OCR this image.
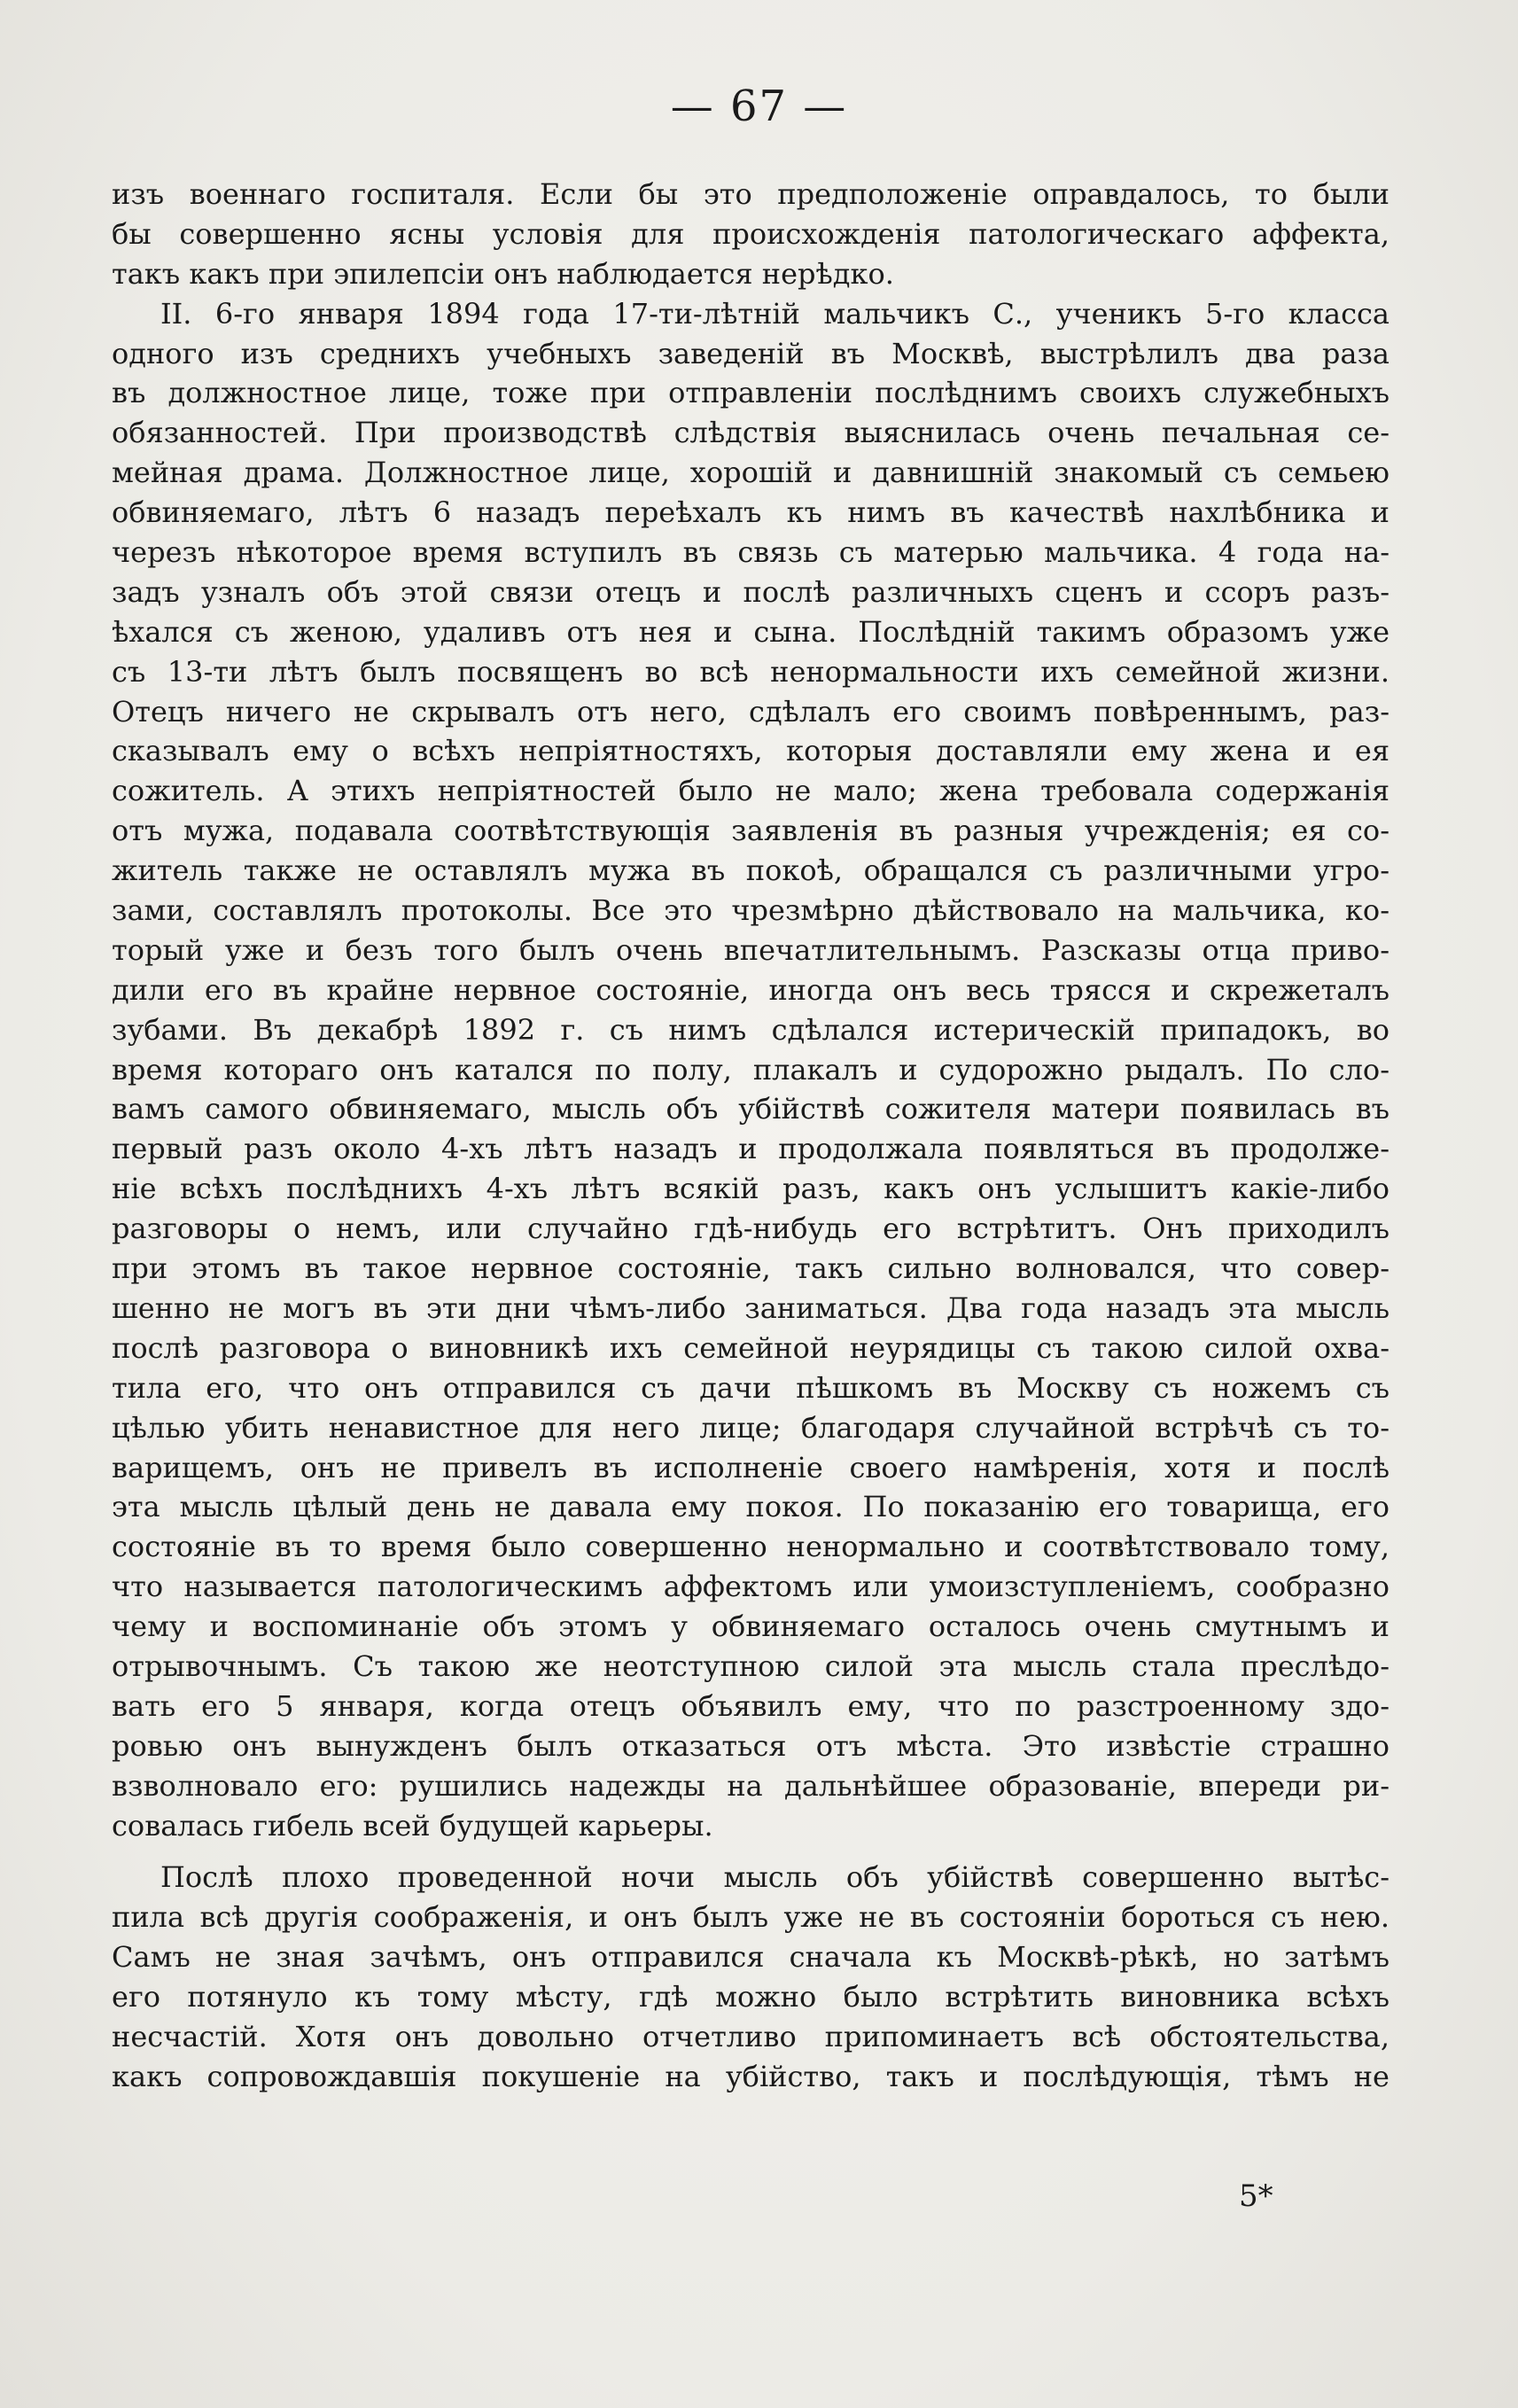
— 67 —
изъ военнаго госпиталя. Если бы это предположенiе оправдалось, то были
бы совершенно ясны условiя для происхожденiя патологическаго аффекта,
такъ какъ при эпилепсiи онъ наблюдается нерѣдко.
II. 6-го января 1894 года 17-ти-лѣтнiй мальчикъ С., ученикъ 5-го класса
одного изъ среднихъ учебныхъ заведенiй въ Москвѣ, выстрѣлилъ два раза
въ должностное лице, тоже при отправленiи послѣднимъ своихъ служебныхъ
обязанностей. При производствѣ слѣдствiя выяснилась очень печальная се-
мейная драма. Должностное лице, хорошiй и давнишнiй знакомый съ семьею
обвиняемаго, лѣтъ 6 назадъ переѣхалъ къ нимъ въ качествѣ нахлѣбника и
черезъ нѣкоторое время вступилъ въ связь съ матерью мальчика. 4 года на-
задъ узналъ объ этой связи отецъ и послѣ различныхъ сценъ и ссоръ разъ-
ѣхался съ женою, удаливъ отъ нея и сына. Послѣднiй такимъ образомъ уже
съ 13-ти лѣтъ былъ посвященъ во всѣ ненормальности ихъ семейной жизни.
Отецъ ничего не скрывалъ отъ него, сдѣлалъ его своимъ повѣреннымъ, раз-
сказывалъ ему о всѣхъ непрiятностяхъ, которыя доставляли ему жена и ея
сожитель. А этихъ непрiятностей было не мало; жена требовала содержанiя
отъ мужа, подавала соотвѣтствующiя заявленiя въ разныя учрежденiя; ея со-
житель также не оставлялъ мужа въ покоѣ, обращался съ различными угро-
зами, составлялъ протоколы. Все это чрезмѣрно дѣйствовало на мальчика, ко-
торый уже и безъ того былъ очень впечатлительнымъ. Разсказы отца приво-
дили его въ крайне нервное состоянiе, иногда онъ весь трясся и скрежеталъ
зубами. Въ декабрѣ 1892 г. съ нимъ сдѣлался истерическiй припадокъ, во
время котораго онъ катался по полу, плакалъ и судорожно рыдалъ. По сло-
вамъ самого обвиняемаго, мысль объ убiйствѣ сожителя матери появилась въ
первый разъ около 4-хъ лѣтъ назадъ и продолжала появляться въ продолже-
нiе всѣхъ послѣднихъ 4-хъ лѣтъ всякiй разъ, какъ онъ услышитъ какiе-либо
разговоры о немъ, или случайно гдѣ-нибудь его встрѣтитъ. Онъ приходилъ
при этомъ въ такое нервное состоянiе, такъ сильно волновался, что совер-
шенно не могъ въ эти дни чѣмъ-либо заниматься. Два года назадъ эта мысль
послѣ разговора о виновникѣ ихъ семейной неурядицы съ такою силой охва-
тила его, что онъ отправился съ дачи пѣшкомъ въ Москву съ ножемъ съ
цѣлью убить ненавистное для него лице; благодаря случайной встрѣчѣ съ то-
варищемъ, онъ не привелъ въ исполненiе своего намѣренiя, хотя и послѣ
эта мысль цѣлый день не давала ему покоя. По показанiю его товарища, его
состоянiе въ то время было совершенно ненормально и соотвѣтствовало тому,
что называется патологическимъ аффектомъ или умоизступленiемъ, сообразно
чему и воспоминанiе объ этомъ у обвиняемаго осталось очень смутнымъ и
отрывочнымъ. Съ такою же неотступною силой эта мысль стала преслѣдо-
вать его 5 января, когда отецъ объявилъ ему, что по разстроенному здо-
ровью онъ вынужденъ былъ отказаться отъ мѣста. Это извѣстiе страшно
взволновало его: рушились надежды на дальнѣйшее образованiе, впереди ри-
совалась гибель всей будущей карьеры.
Послѣ плохо проведенной ночи мысль объ убiйствѣ совершенно вытѣс-
пила всѣ другiя соображенiя, и онъ былъ уже не въ состоянiи бороться съ нею.
Самъ не зная зачѣмъ, онъ отправился сначала къ Москвѣ-рѣкѣ, но затѣмъ
его потянуло къ тому мѣсту, гдѣ можно было встрѣтить виновника всѣхъ
несчастiй. Хотя онъ довольно отчетливо припоминаетъ всѣ обстоятельства,
какъ сопровождавшiя покушенiе на убiйство, такъ и послѣдующiя, тѣмъ не
5*
